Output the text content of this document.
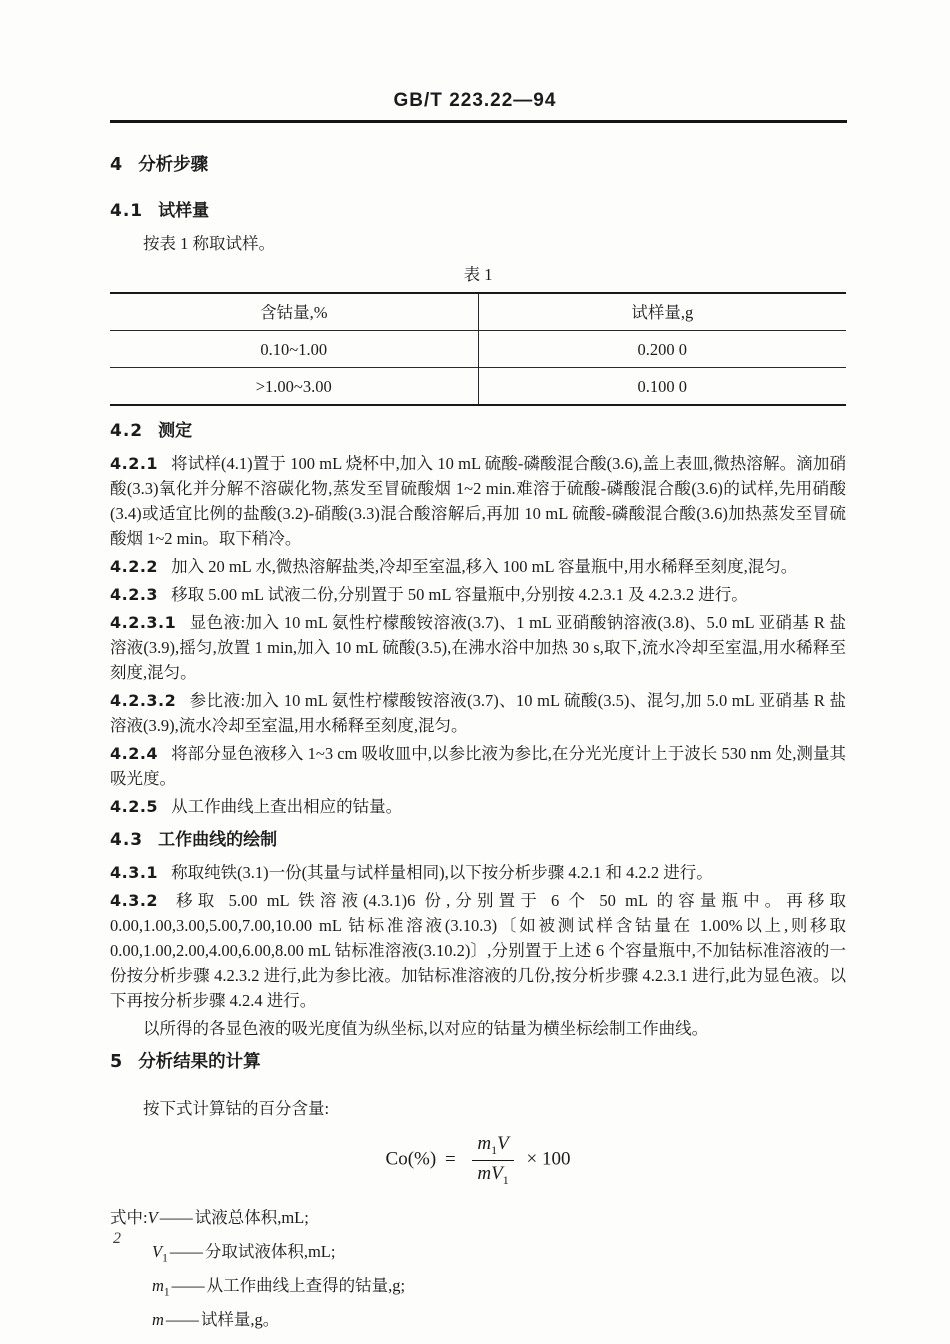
GB/T 223.22—94

4 分析步骤

4.1 试样量

按表 1 称取试样。

表 1

含钴量,%	试样量,g
0.10~1.00	0.200 0
>1.00~3.00	0.100 0

4.2 测定

4.2.1 将试样(4.1)置于 100 mL 烧杯中,加入 10 mL 硫酸-磷酸混合酸(3.6),盖上表皿,微热溶解。滴加硝酸(3.3)氧化并分解不溶碳化物,蒸发至冒硫酸烟 1~2 min.难溶于硫酸-磷酸混合酸(3.6)的试样,先用硝酸(3.4)或适宜比例的盐酸(3.2)-硝酸(3.3)混合酸溶解后,再加 10 mL 硫酸-磷酸混合酸(3.6)加热蒸发至冒硫酸烟 1~2 min。取下稍冷。

4.2.2 加入 20 mL 水,微热溶解盐类,冷却至室温,移入 100 mL 容量瓶中,用水稀释至刻度,混匀。

4.2.3 移取 5.00 mL 试液二份,分别置于 50 mL 容量瓶中,分别按 4.2.3.1 及 4.2.3.2 进行。

4.2.3.1 显色液:加入 10 mL 氨性柠檬酸铵溶液(3.7)、1 mL 亚硝酸钠溶液(3.8)、5.0 mL 亚硝基 R 盐溶液(3.9),摇匀,放置 1 min,加入 10 mL 硫酸(3.5),在沸水浴中加热 30 s,取下,流水冷却至室温,用水稀释至刻度,混匀。

4.2.3.2 参比液:加入 10 mL 氨性柠檬酸铵溶液(3.7)、10 mL 硫酸(3.5)、混匀,加 5.0 mL 亚硝基 R 盐溶液(3.9),流水冷却至室温,用水稀释至刻度,混匀。

4.2.4 将部分显色液移入 1~3 cm 吸收皿中,以参比液为参比,在分光光度计上于波长 530 nm 处,测量其吸光度。

4.2.5 从工作曲线上查出相应的钴量。

4.3 工作曲线的绘制

4.3.1 称取纯铁(3.1)一份(其量与试样量相同),以下按分析步骤 4.2.1 和 4.2.2 进行。

4.3.2 移取 5.00 mL 铁溶液(4.3.1)6 份,分别置于 6 个 50 mL 的容量瓶中。再移取 0.00,1.00,3.00,5.00,7.00,10.00 mL 钴标准溶液(3.10.3)〔如被测试样含钴量在 1.00%以上,则移取 0.00,1.00,2.00,4.00,6.00,8.00 mL 钴标准溶液(3.10.2)〕,分别置于上述 6 个容量瓶中,不加钴标准溶液的一份按分析步骤 4.2.3.2 进行,此为参比液。加钴标准溶液的几份,按分析步骤 4.2.3.1 进行,此为显色液。以下再按分析步骤 4.2.4 进行。

以所得的各显色液的吸光度值为纵坐标,以对应的钴量为横坐标绘制工作曲线。

5 分析结果的计算

按下式计算钴的百分含量:

$Co(\%) = \frac{m_1V}{mV_1} \times 100$

式中:V —— 试液总体积,mL;

$V_1$ —— 分取试液体积,mL;

$m_1$ —— 从工作曲线上查得的钴量,g;

m —— 试样量,g。

2
